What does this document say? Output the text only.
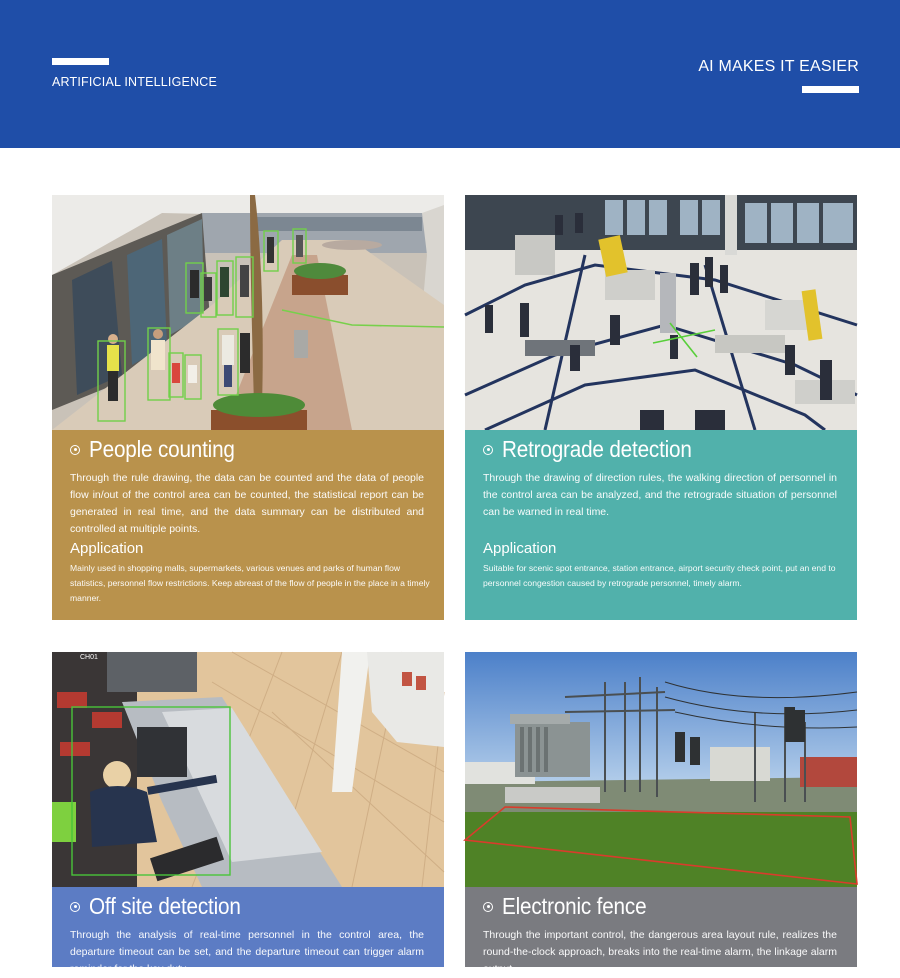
ARTIFICIAL INTELLIGENCE
AI MAKES IT EASIER
People counting
Through the rule drawing, the data can be counted and the data of people flow in/out of the control area can be counted, the statistical report can be generated in real time, and the data summary can be distributed and controlled at multiple points.
Application
Mainly used in shopping malls, supermarkets, various venues and parks of human flow statistics, personnel flow restrictions. Keep abreast of the flow of people in the place in a timely manner.
Retrograde detection
Through the drawing of direction rules, the walking direction of personnel in the control area can be analyzed, and the retrograde situation of personnel can be warned in real time.
Application
Suitable for scenic spot entrance, station entrance, airport security check point, put an end to personnel congestion caused by retrograde personnel, timely alarm.
CH01
Off site detection
Through the analysis of real-time personnel in the control area, the departure timeout can be set, and the departure timeout can trigger alarm reminder for the key duty
Electronic fence
Through the important control, the dangerous area layout rule, realizes the round-the-clock approach, breaks into the real-time alarm, the linkage alarm output
